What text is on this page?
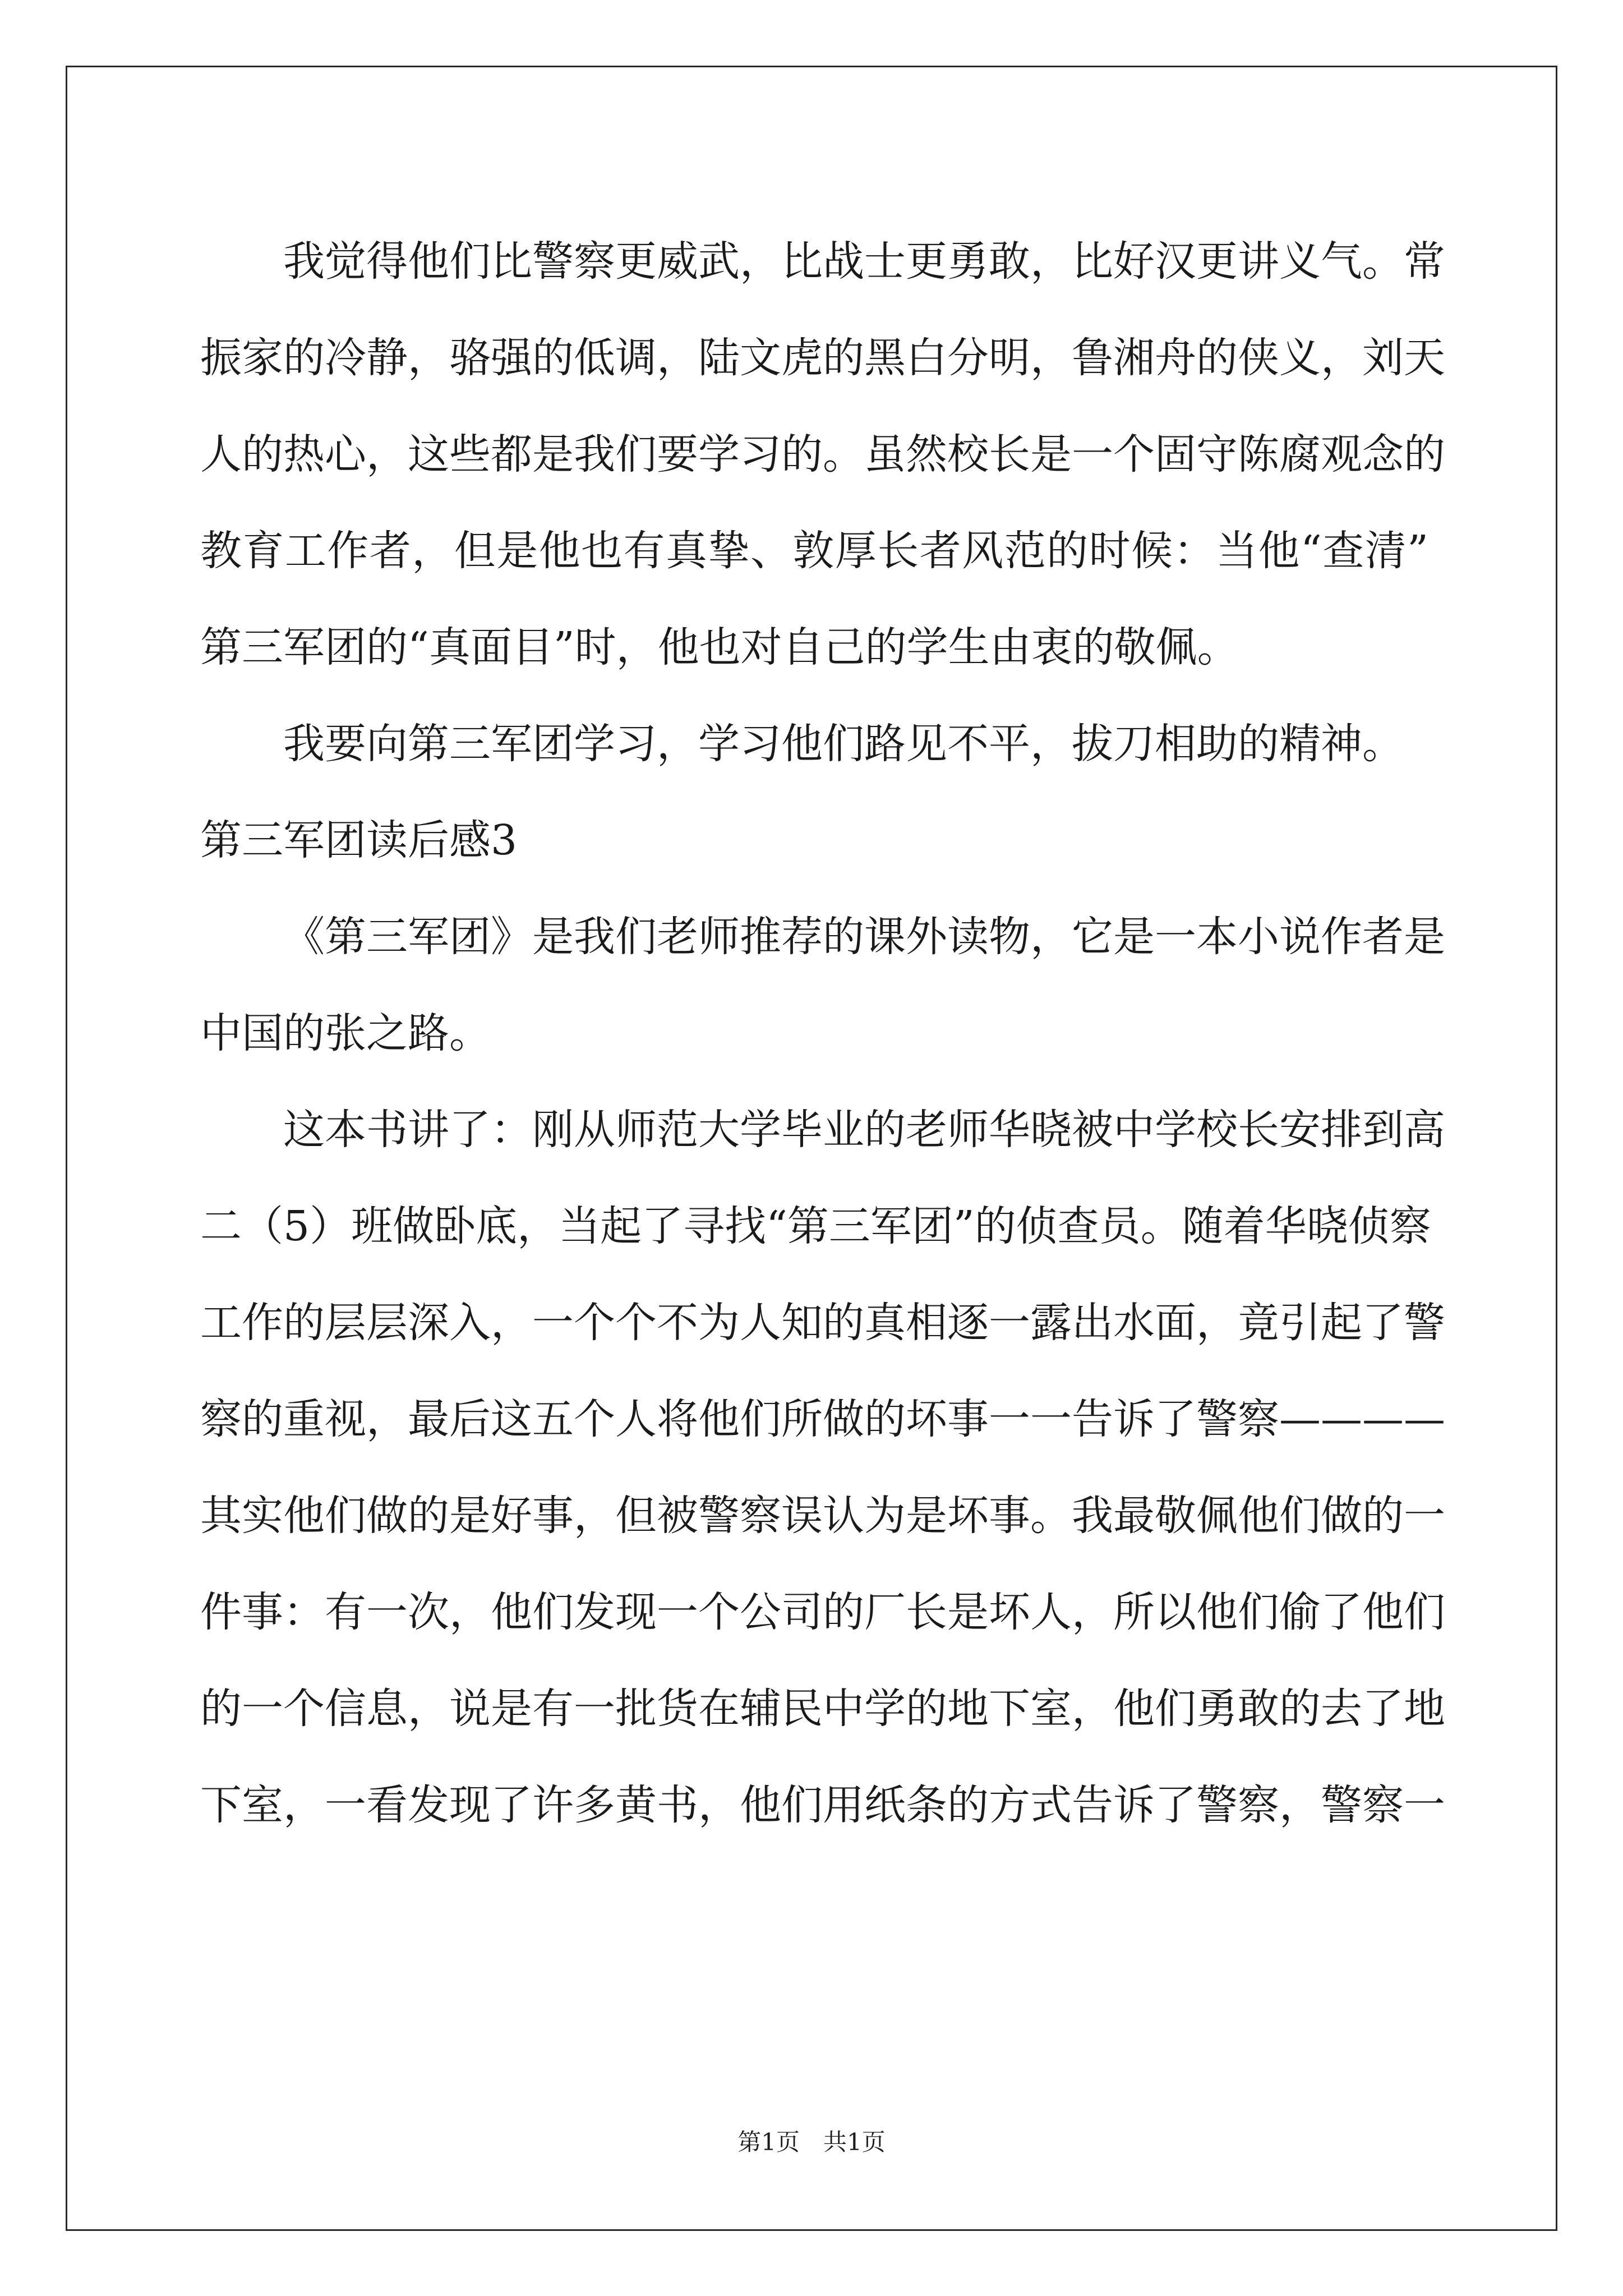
我觉得他们比警察更威武，比战士更勇敢，比好汉更讲义气。常
振家的冷静，骆强的低调，陆文虎的黑白分明，鲁湘舟的侠义，刘天
人的热心，这些都是我们要学习的。虽然校长是一个固守陈腐观念的
教育工作者，但是他也有真挚、敦厚长者风范的时候：当他“查清”
第三军团的“真面目”时，他也对自己的学生由衷的敬佩。
我要向第三军团学习，学习他们路见不平，拔刀相助的精神。
第三军团读后感3
《第三军团》是我们老师推荐的课外读物，它是一本小说作者是
中国的张之路。
这本书讲了：刚从师范大学毕业的老师华晓被中学校长安排到高
二（5）班做卧底，当起了寻找“第三军团”的侦查员。随着华晓侦察
工作的层层深入，一个个不为人知的真相逐一露出水面，竟引起了警
察的重视，最后这五个人将他们所做的坏事一一告诉了警察————
其实他们做的是好事，但被警察误认为是坏事。我最敬佩他们做的一
件事：有一次，他们发现一个公司的厂长是坏人，所以他们偷了他们
的一个信息，说是有一批货在辅民中学的地下室，他们勇敢的去了地
下室，一看发现了许多黄书，他们用纸条的方式告诉了警察，警察一
第1页 共1页
